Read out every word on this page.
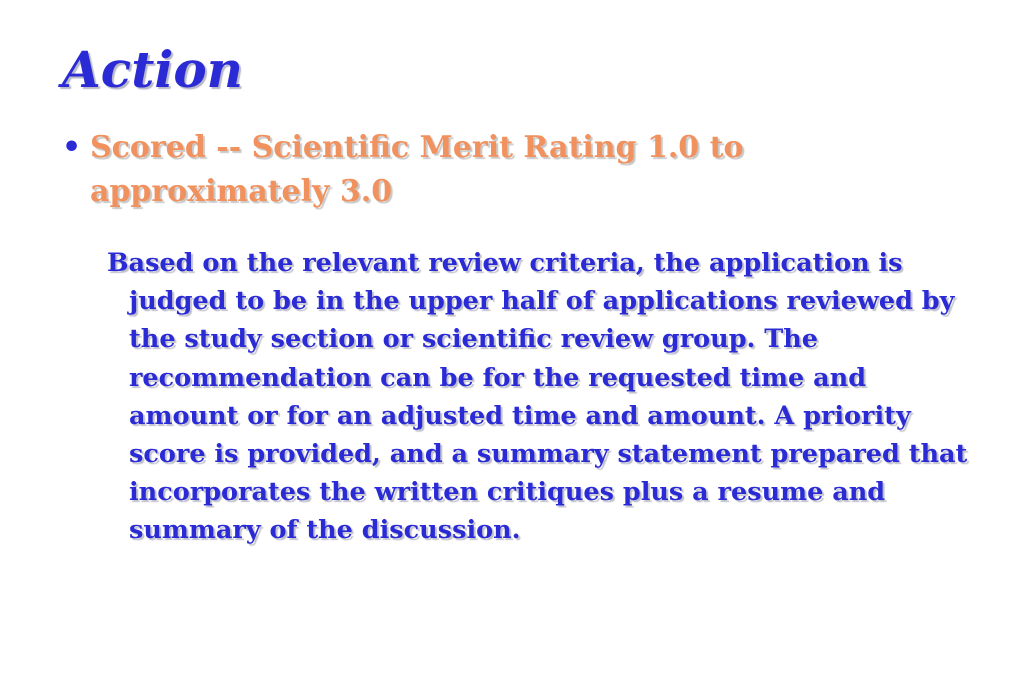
Action
• Scored -- Scientific Merit Rating 1.0 to approximately 3.0

Based on the relevant review criteria, the application is judged to be in the upper half of applications reviewed by the study section or scientific review group. The recommendation can be for the requested time and amount or for an adjusted time and amount. A priority score is provided, and a summary statement prepared that incorporates the written critiques plus a resume and summary of the discussion.
